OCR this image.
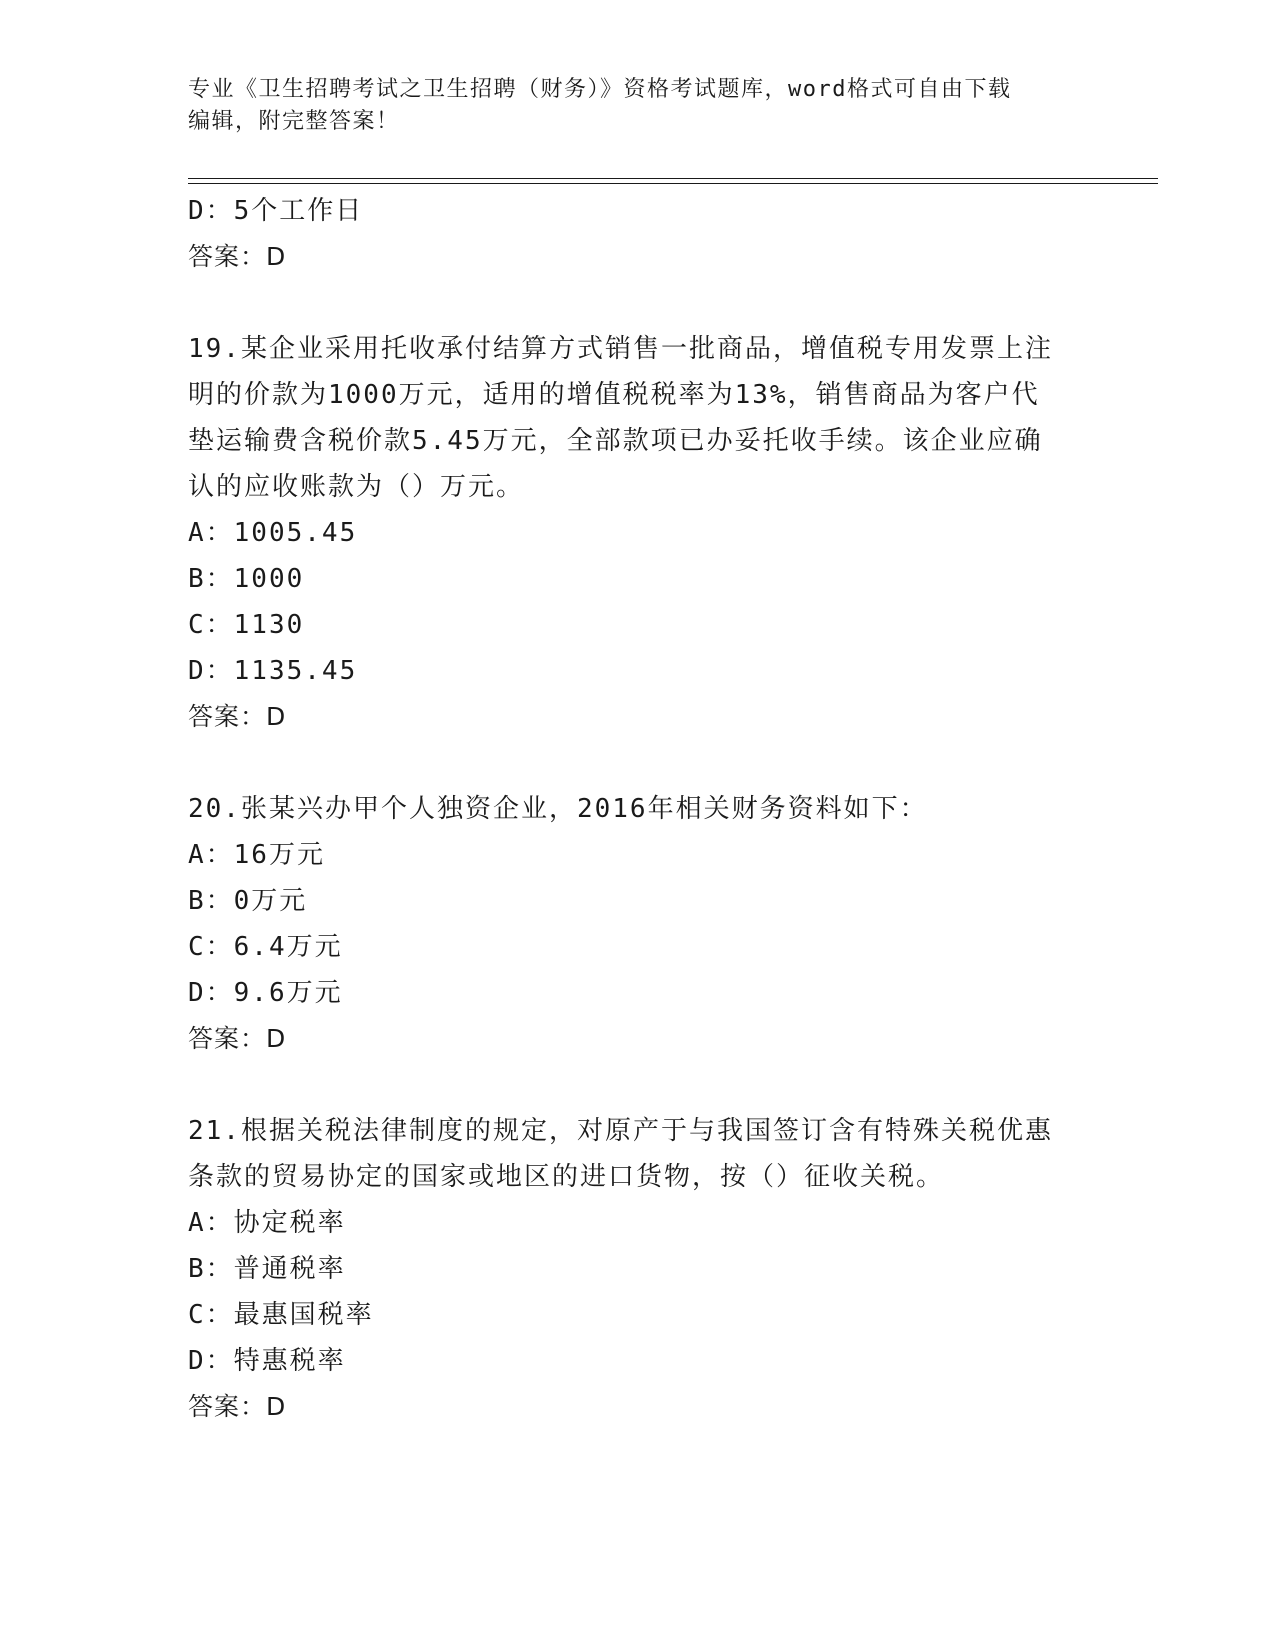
专业《卫生招聘考试之卫生招聘（财务）》资格考试题库，word格式可自由下载
编辑，附完整答案！
D：5个工作日
答案：D
19.某企业采用托收承付结算方式销售一批商品，增值税专用发票上注
明的价款为1000万元，适用的增值税税率为13%，销售商品为客户代
垫运输费含税价款5.45万元，全部款项已办妥托收手续。该企业应确
认的应收账款为（）万元。
A：1005.45
B：1000
C：1130
D：1135.45
答案：D
20.张某兴办甲个人独资企业，2016年相关财务资料如下：
A：16万元
B：0万元
C：6.4万元
D：9.6万元
答案：D
21.根据关税法律制度的规定，对原产于与我国签订含有特殊关税优惠
条款的贸易协定的国家或地区的进口货物，按（）征收关税。
A：协定税率
B：普通税率
C：最惠国税率
D：特惠税率
答案：D
